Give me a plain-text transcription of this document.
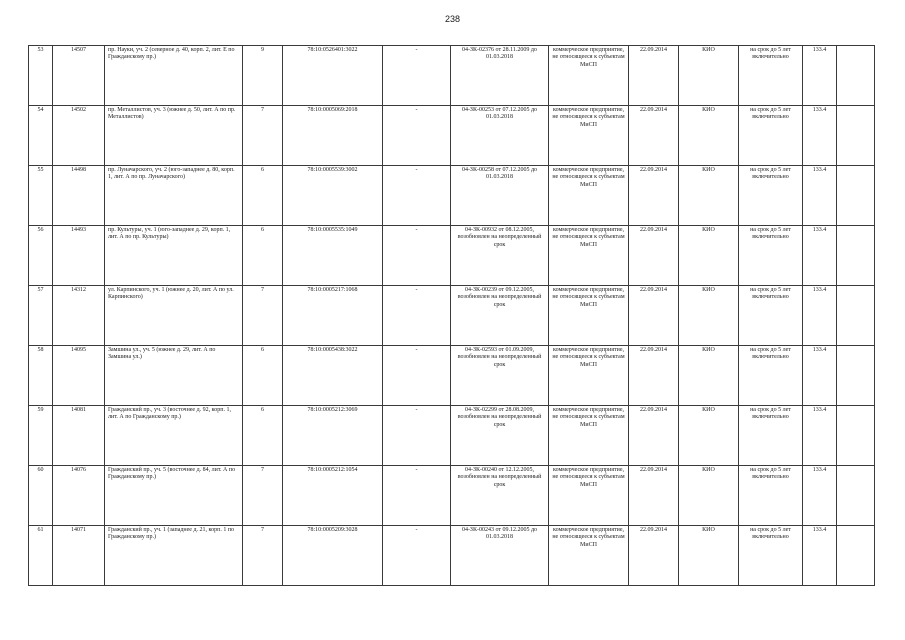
238
53	14507	пр. Науки, уч. 2 (северное д. 40, корп. 2, лит. Е по Гражданскому пр.)	9	78:10:0526401:3022	-	04-ЗК-02376 от 28.11.2009 до 01.03.2018	коммерческое предприятие, не относящееся к субъектам МиСП	22.09.2014	КИО	на срок до 5 лет включительно	133.4	
54	14502	пр. Металлистов, уч. 3 (южнее д. 50, лит. А по пр. Металлистов)	7	78:10:0005069:2018	-	04-ЗК-00253 от 07.12.2005 до 01.03.2018	коммерческое предприятие, не относящееся к субъектам МиСП	22.09.2014	КИО	на срок до 5 лет включительно	133.4	
55	14498	пр. Луначарского, уч. 2 (юго-западнее д. 80, корп. 1, лит. А по пр. Луначарского)	6	78:10:0005539:3002	-	04-ЗК-00258 от 07.12.2005 до 01.03.2018	коммерческое предприятие, не относящееся к субъектам МиСП	22.09.2014	КИО	на срок до 5 лет включительно	133.4	
56	14493	пр. Культуры, уч. 1 (юго-западнее д. 29, корп. 1, лит. А по пр. Культуры)	6	78:10:0005535:1049	-	04-ЗК-00932 от 08.12.2005, возобновлен на неопределенный срок	коммерческое предприятие, не относящееся к субъектам МиСП	22.09.2014	КИО	на срок до 5 лет включительно	133.4	
57	14312	ул. Карпинского, уч. 1 (южнее д. 20, лит. А по ул. Карпинского)	7	78:10:0005217:1068	-	04-ЗК-00239 от 09.12.2005, возобновлен на неопределенный срок	коммерческое предприятие, не относящееся к субъектам МиСП	22.09.2014	КИО	на срок до 5 лет включительно	133.4	
58	14095	Замшина ул., уч. 5 (южнее д. 29, лит. А по Замшина ул.)	6	78:10:0005438:3022	-	04-ЗК-02593 от 01.09.2009, возобновлен на неопределенный срок	коммерческое предприятие, не относящееся к субъектам МиСП	22.09.2014	КИО	на срок до 5 лет включительно	133.4	
59	14081	Гражданский пр., уч. 3 (восточнее д. 92, корп. 1, лит. А по Гражданскому пр.)	6	78:10:0005212:3069	-	04-ЗК-02299 от 28.08.2009, возобновлен на неопределенный срок	коммерческое предприятие, не относящееся к субъектам МиСП	22.09.2014	КИО	на срок до 5 лет включительно	133.4	
60	14076	Гражданский пр., уч. 5 (восточнее д. 84, лит. А по Гражданскому пр.)	7	78:10:0005212:1054	-	04-ЗК-00240 от 12.12.2005, возобновлен на неопределенный срок	коммерческое предприятие, не относящееся к субъектам МиСП	22.09.2014	КИО	на срок до 5 лет включительно	133.4	
61	14071	Гражданский пр., уч. 1 (западнее д. 21, корп. 1 по Гражданскому пр.)	7	78:10:0005209:3028	-	04-ЗК-00243 от 09.12.2005 до 01.03.2018	коммерческое предприятие, не относящееся к субъектам МиСП	22.09.2014	КИО	на срок до 5 лет включительно	133.4	
